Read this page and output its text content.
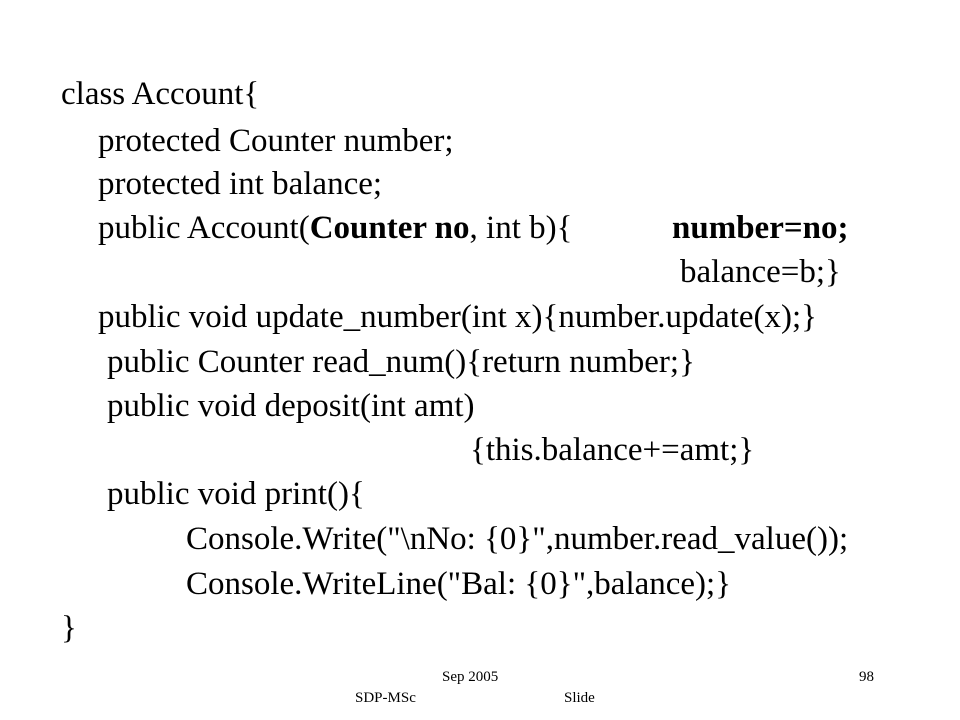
class Account{
protected Counter number;
protected int balance;
public Account(Counter no, int b){	number=no;
balance=b;}
public void update_number(int x){number.update(x);}
public Counter read_num(){return number;}
public void deposit(int amt)
{this.balance+=amt;}
public void print(){
Console.Write("\nNo: {0}",number.read_value());
Console.WriteLine("Bal: {0}",balance);}
}
Sep 2005
SDP-MSc	Slide
98
